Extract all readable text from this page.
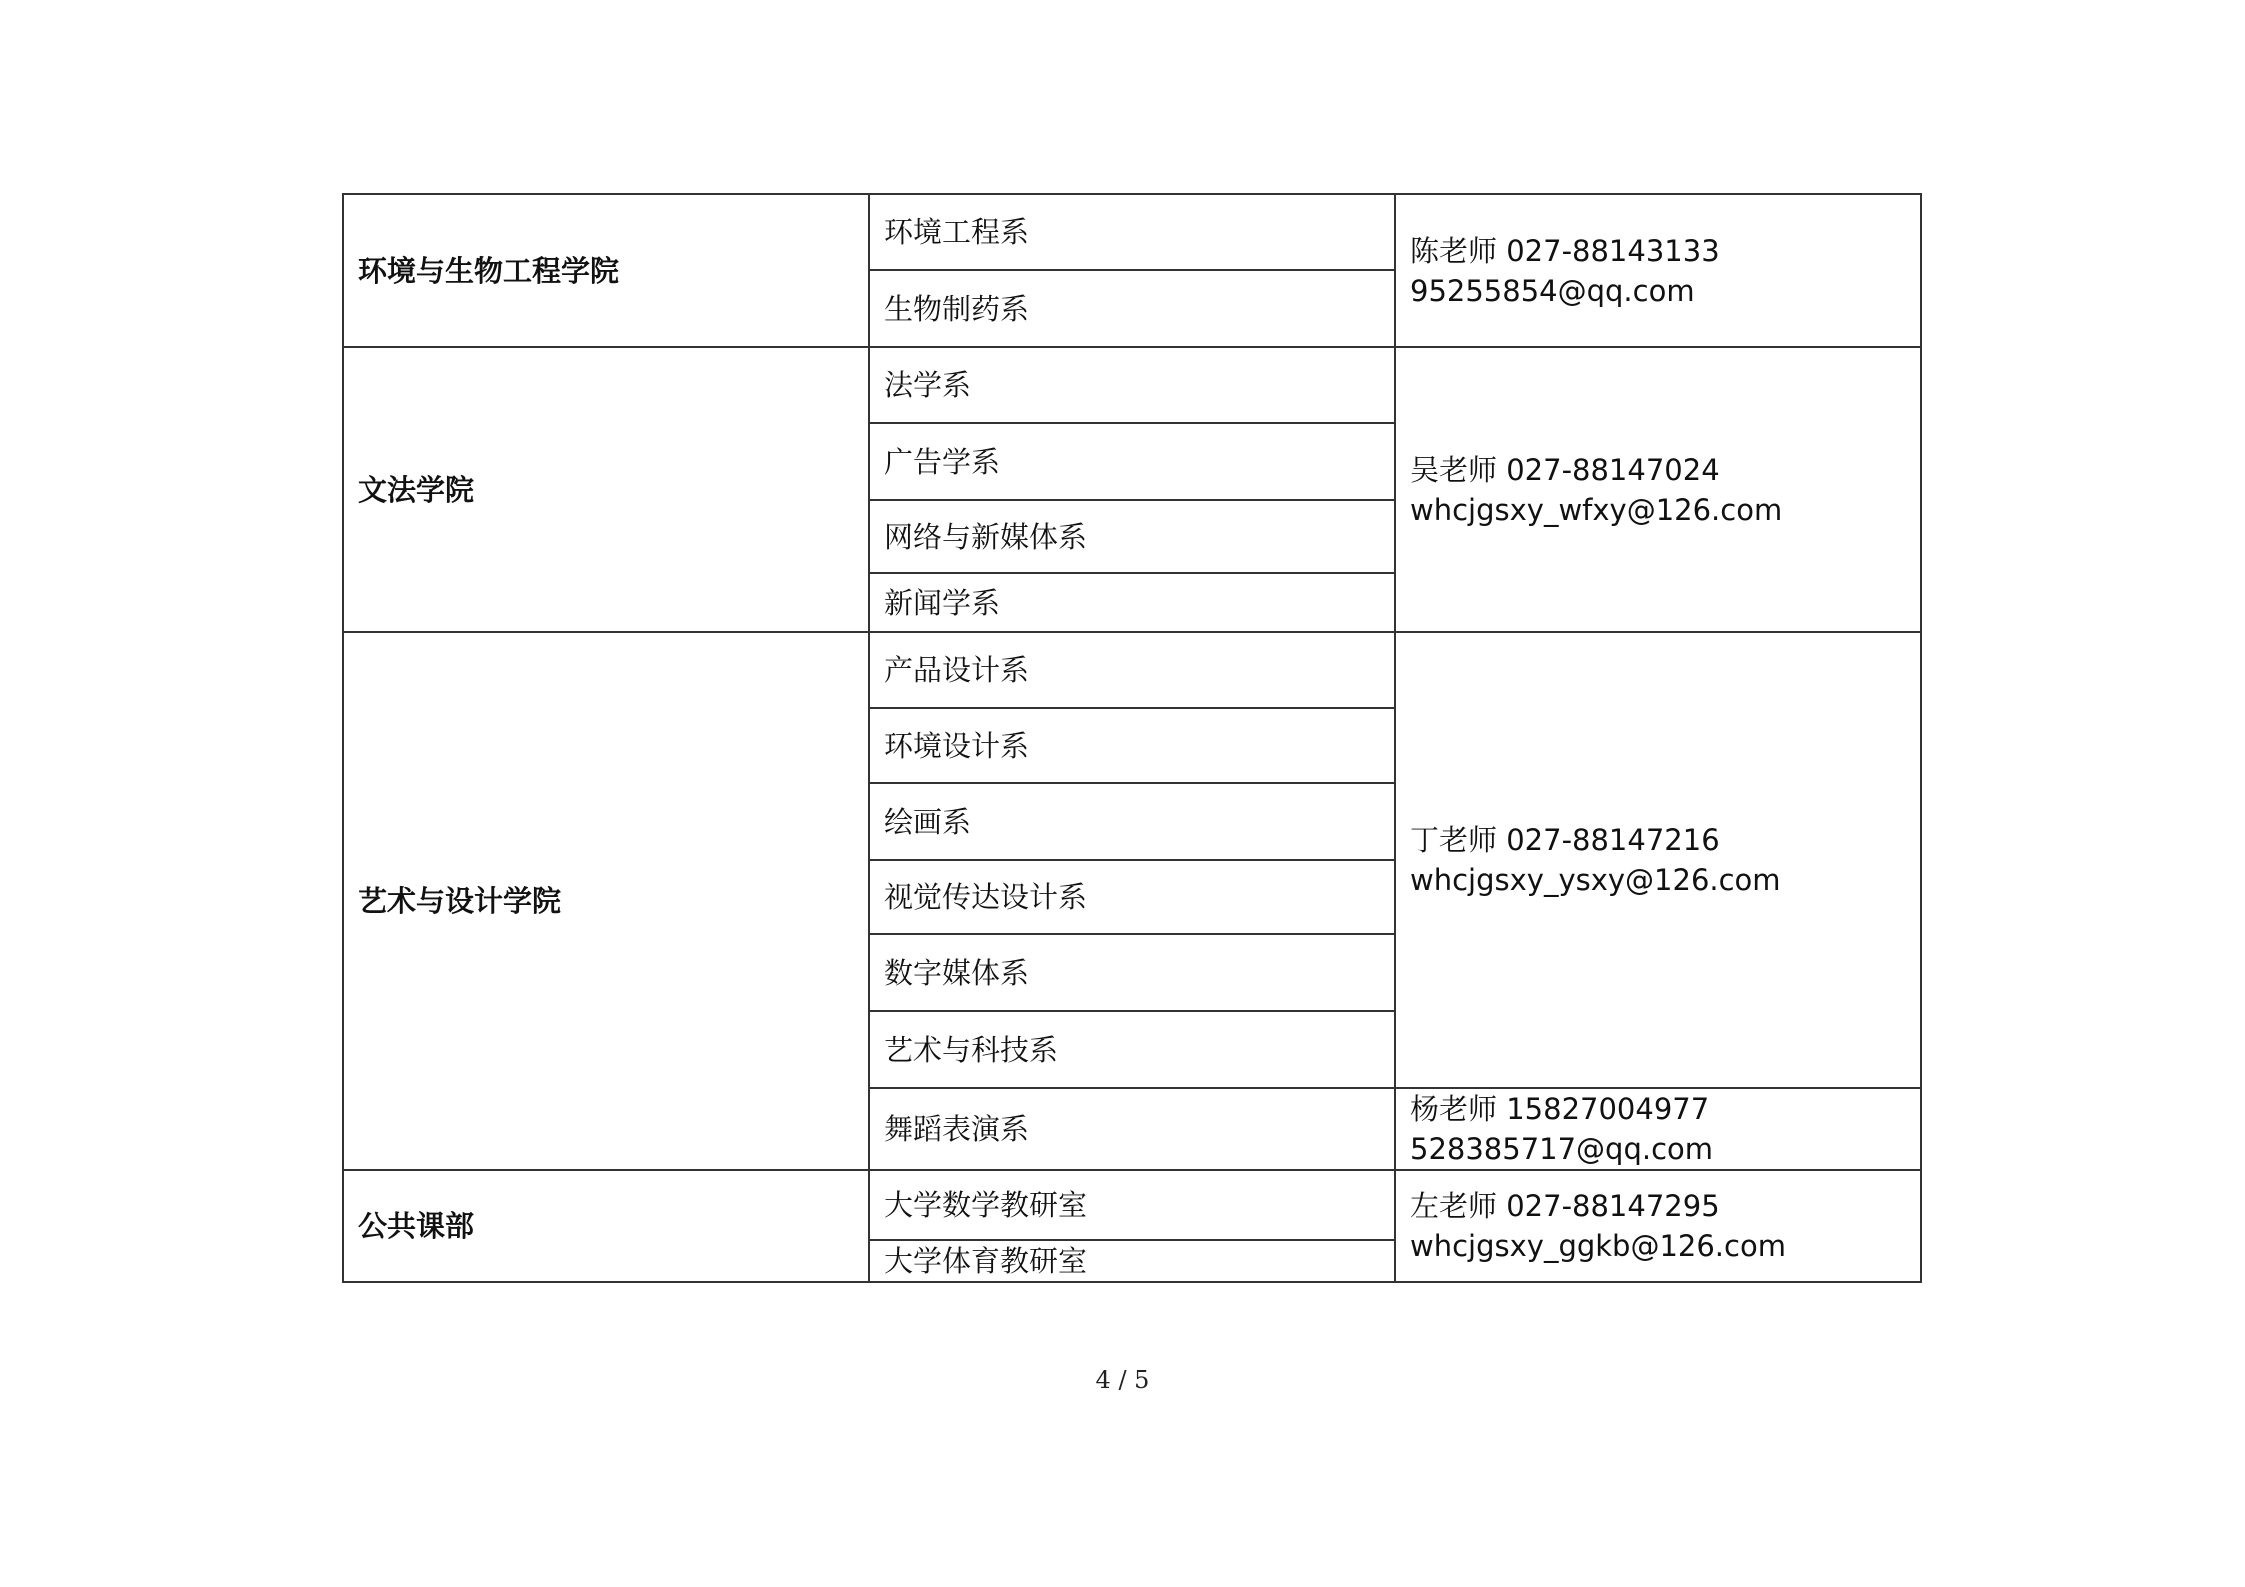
环境与生物工程学院	环境工程系	陈老师 027-88143133
95255854@qq.com

	生物制药系	
文法学院	法学系	吴老师 027-88147024
whcjgsxy_wfxy@126.com

	广告学系	
	网络与新媒体系	
	新闻学系	
艺术与设计学院	产品设计系	丁老师 027-88147216
whcjgsxy_ysxy@126.com

	环境设计系	
	绘画系	
	视觉传达设计系	
	数字媒体系	
	艺术与科技系	
	舞蹈表演系	杨老师 15827004977
528385717@qq.com

公共课部	大学数学教研室	左老师 027-88147295
whcjgsxy_ggkb@126.com

	大学体育教研室	
4 / 5
